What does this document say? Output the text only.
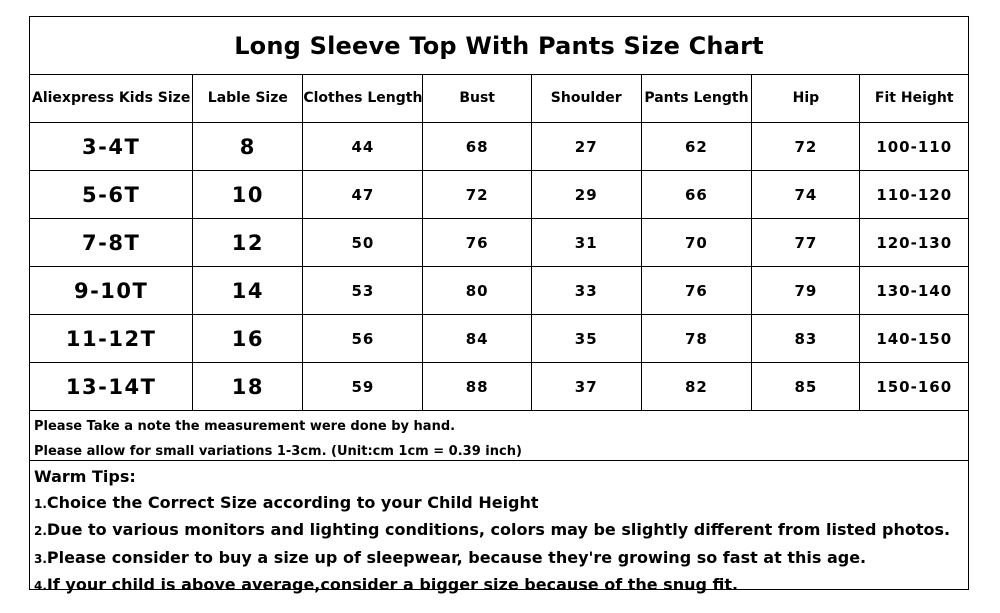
Long Sleeve Top With Pants Size Chart
Aliexpress Kids Size	Lable Size	Clothes Length	Bust	Shoulder	Pants Length	Hip	Fit Height
3-4T	8	44	68	27	62	72	100-110
5-6T	10	47	72	29	66	74	110-120
7-8T	12	50	76	31	70	77	120-130
9-10T	14	53	80	33	76	79	130-140
11-12T	16	56	84	35	78	83	140-150
13-14T	18	59	88	37	82	85	150-160
Please Take a note the measurement were done by hand.
Please allow for small variations 1-3cm. (Unit:cm 1cm = 0.39 inch)
Warm Tips:
1.Choice the Correct Size according to your Child Height
2.Due to various monitors and lighting conditions, colors may be slightly different from listed photos.
3.Please consider to buy a size up of sleepwear, because they're growing so fast at this age.
4.If your child is above average,consider a bigger size because of the snug fit.
